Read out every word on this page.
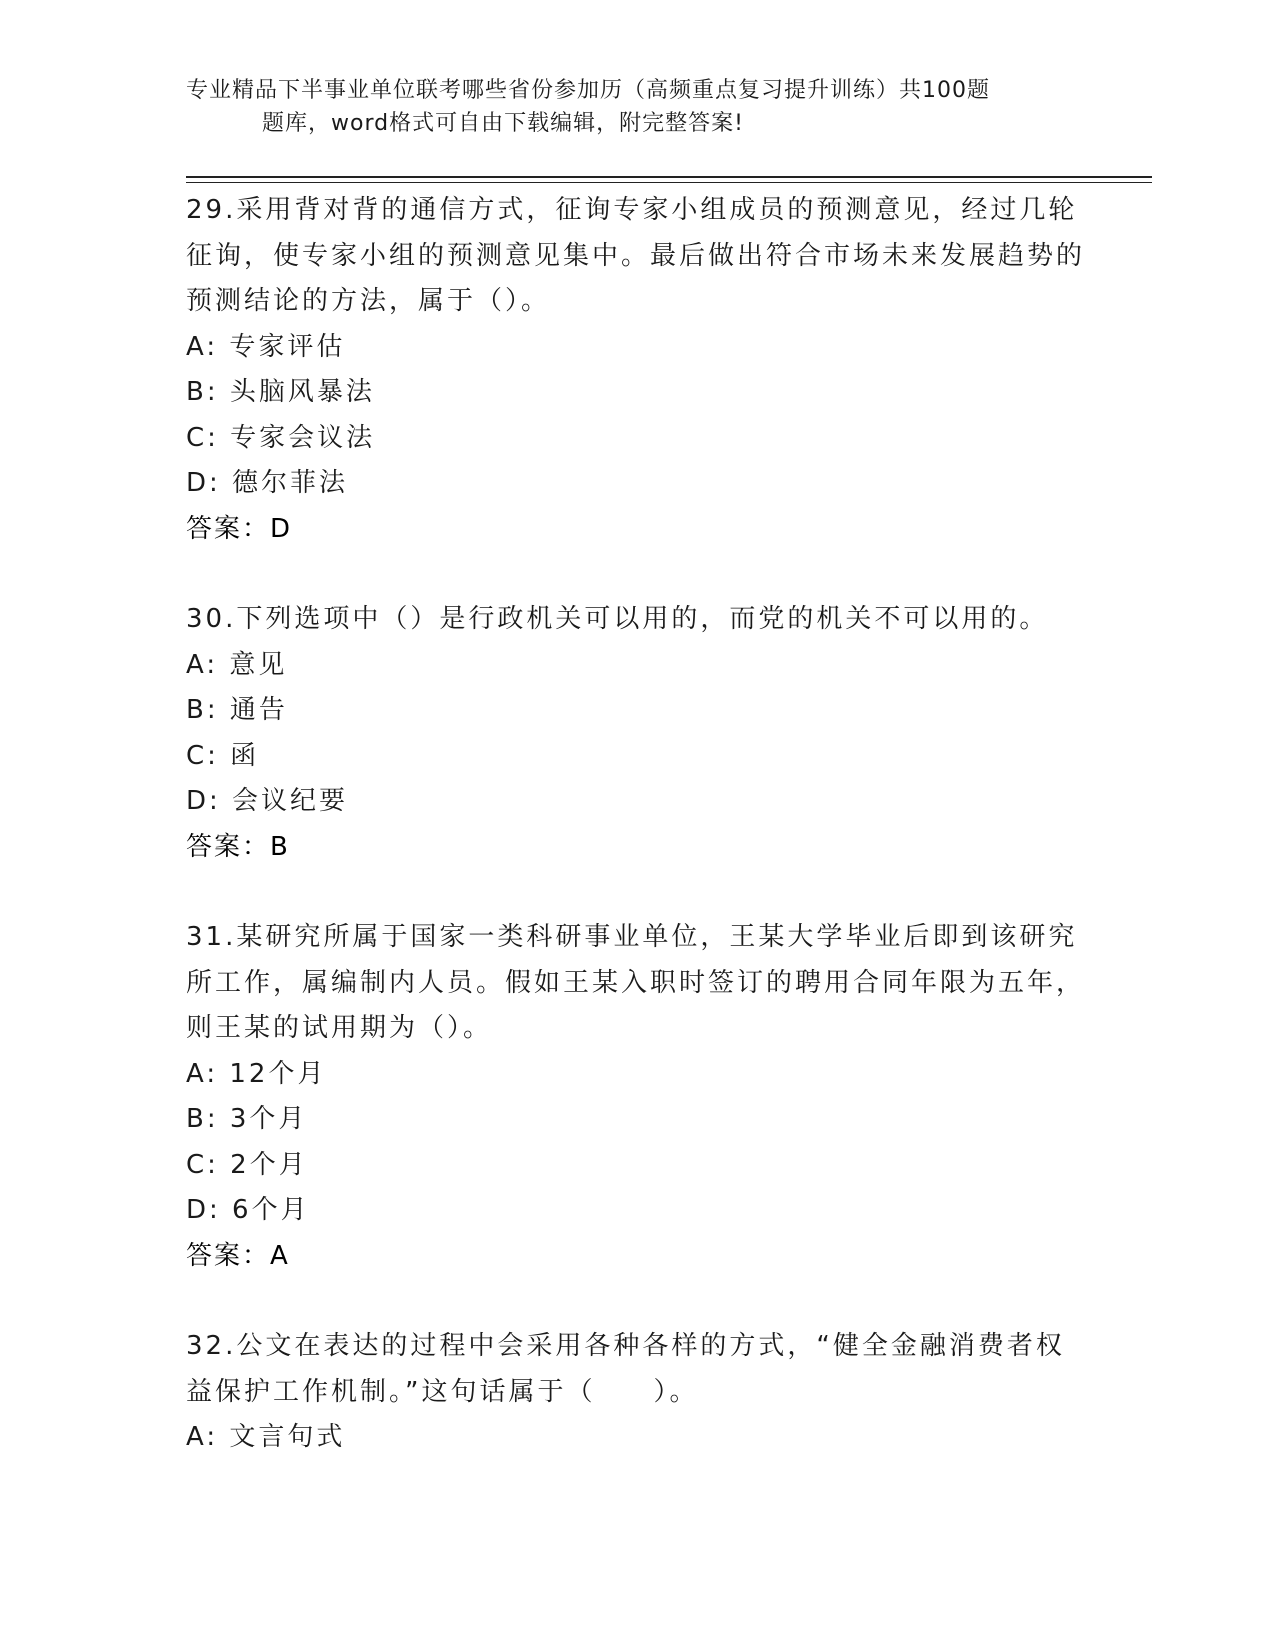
专业精品下半事业单位联考哪些省份参加历（高频重点复习提升训练）共100题
题库，word格式可自由下载编辑，附完整答案!

29.采用背对背的通信方式，征询专家小组成员的预测意见，经过几轮征询，使专家小组的预测意见集中。最后做出符合市场未来发展趋势的预测结论的方法，属于（）。

A: 专家评估

B: 头脑风暴法

C: 专家会议法

D: 德尔菲法

答案：D

30.下列选项中（）是行政机关可以用的，而党的机关不可以用的。

A: 意见

B: 通告

C: 函

D: 会议纪要

答案：B

31.某研究所属于国家一类科研事业单位，王某大学毕业后即到该研究所工作，属编制内人员。假如王某入职时签订的聘用合同年限为五年，则王某的试用期为（）。

A: 12个月

B: 3个月

C: 2个月

D: 6个月

答案：A

32.公文在表达的过程中会采用各种各样的方式，“健全金融消费者权益保护工作机制。”这句话属于（　　）。

A: 文言句式
